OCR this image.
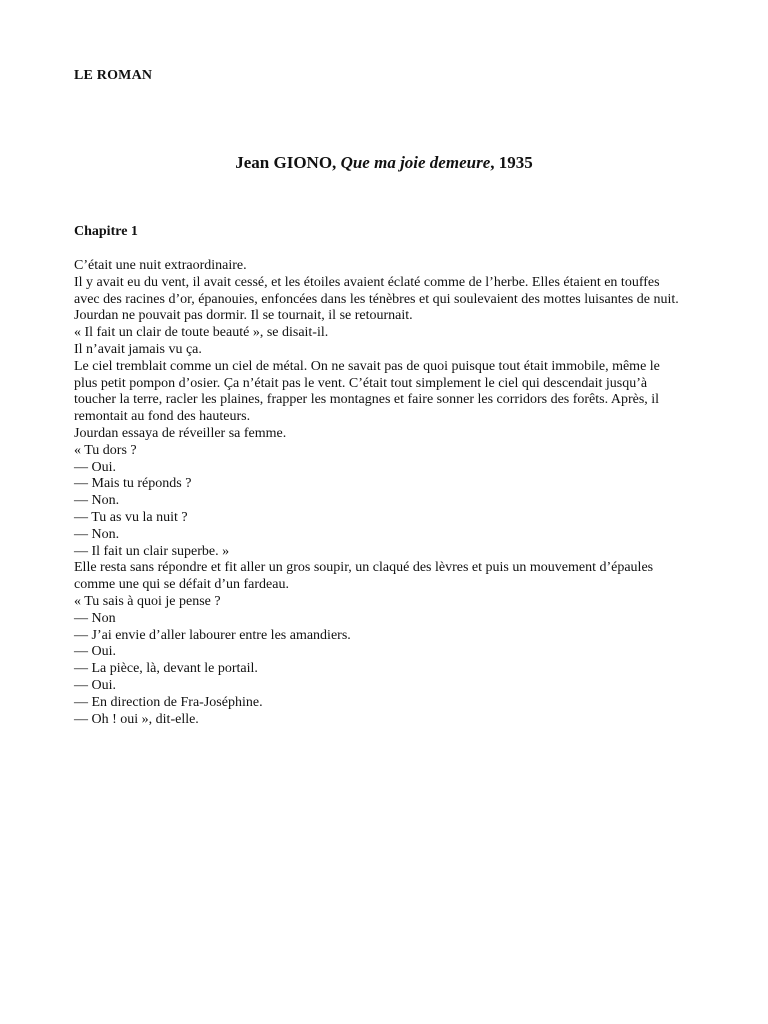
LE ROMAN
Jean GIONO, Que ma joie demeure, 1935
Chapitre 1

C’était une nuit extraordinaire.

Il y avait eu du vent, il avait cessé, et les étoiles avaient éclaté comme de l’herbe. Elles étaient en touffes avec des racines d’or, épanouies, enfoncées dans les ténèbres et qui soulevaient des mottes luisantes de nuit.

Jourdan ne pouvait pas dormir. Il se tournait, il se retournait.

« Il fait un clair de toute beauté », se disait-il.

Il n’avait jamais vu ça.

Le ciel tremblait comme un ciel de métal. On ne savait pas de quoi puisque tout était immobile, même le plus petit pompon d’osier. Ça n’était pas le vent. C’était tout simplement le ciel qui descendait jusqu’à toucher la terre, racler les plaines, frapper les montagnes et faire sonner les corridors des forêts. Après, il remontait au fond des hauteurs.

Jourdan essaya de réveiller sa femme.

« Tu dors ?

— Oui.

— Mais tu réponds ?

— Non.

— Tu as vu la nuit ?

— Non.

— Il fait un clair superbe. »

Elle resta sans répondre et fit aller un gros soupir, un claqué des lèvres et puis un mouvement d’épaules comme une qui se défait d’un fardeau.

« Tu sais à quoi je pense ?

— Non

— J’ai envie d’aller labourer entre les amandiers.

— Oui.

— La pièce, là, devant le portail.

— Oui.

— En direction de Fra-Joséphine.

— Oh ! oui », dit-elle.
